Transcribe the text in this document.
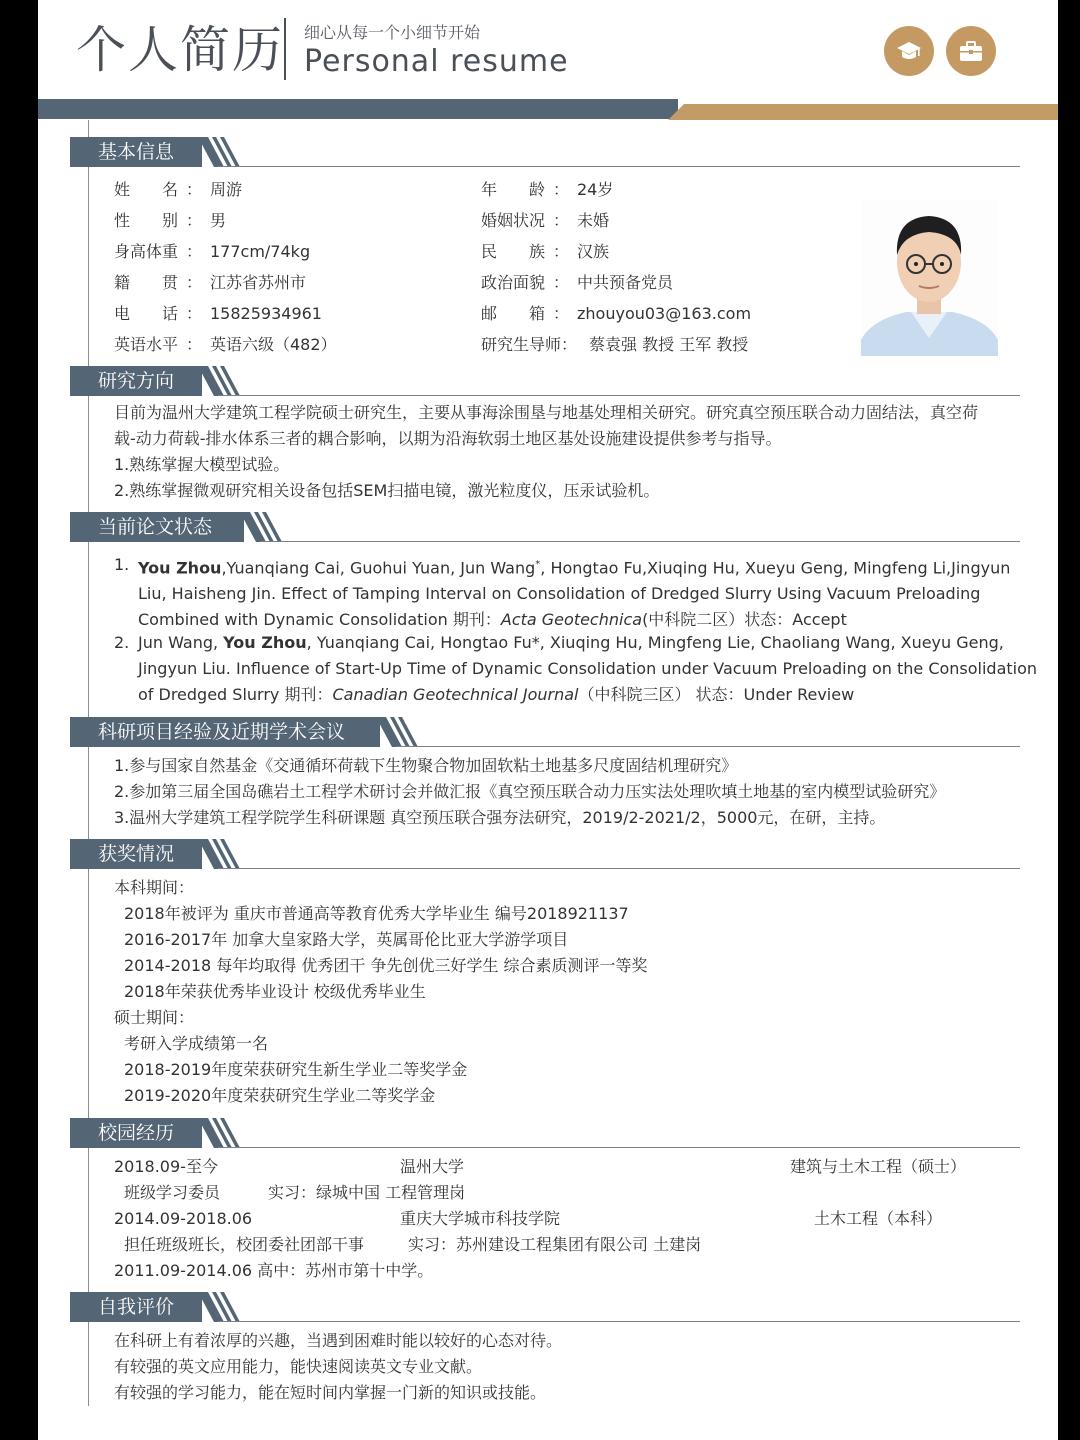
个人简历 细心从每一个小细节开始
Personal resume
基本信息
姓名 ： 周游	年龄 ： 24岁
性别 ： 男	婚姻状况 ： 未婚
身高体重 ： 177cm/74kg	民族 ： 汉族
籍贯 ： 江苏省苏州市	政治面貌 ： 中共预备党员
电话 ： 15825934961	邮箱 ： zhouyou03@163.com
英语水平 ： 英语六级（482）	研究生导师： 蔡袁强 教授 王军 教授
研究方向
目前为温州大学建筑工程学院硕士研究生，主要从事海涂围垦与地基处理相关研究。研究真空预压联合动力固结法，真空荷
载-动力荷载-排水体系三者的耦合影响，以期为沿海软弱土地区基处设施建设提供参考与指导。
1.熟练掌握大模型试验。
2.熟练掌握微观研究相关设备包括SEM扫描电镜，激光粒度仪，压汞试验机。
当前论文状态
1. You Zhou,Yuanqiang Cai, Guohui Yuan, Jun Wang*, Hongtao Fu,Xiuqing Hu, Xueyu Geng, Mingfeng Li,Jingyun Liu, Haisheng Jin. Effect of Tamping Interval on Consolidation of Dredged Slurry Using Vacuum Preloading Combined with Dynamic Consolidation 期刊：Acta Geotechnica(中科院二区）状态：Accept
2. Jun Wang, You Zhou, Yuanqiang Cai, Hongtao Fu*, Xiuqing Hu, Mingfeng Lie, Chaoliang Wang, Xueyu Geng, Jingyun Liu. Influence of Start-Up Time of Dynamic Consolidation under Vacuum Preloading on the Consolidation of Dredged Slurry 期刊：Canadian Geotechnical Journal（中科院三区） 状态：Under Review
科研项目经验及近期学术会议
1.参与国家自然基金《交通循环荷载下生物聚合物加固软粘土地基多尺度固结机理研究》
2.参加第三届全国岛礁岩土工程学术研讨会并做汇报《真空预压联合动力压实法处理吹填土地基的室内模型试验研究》
3.温州大学建筑工程学院学生科研课题 真空预压联合强夯法研究，2019/2-2021/2，5000元，在研，主持。
获奖情况
本科期间：
2018年被评为 重庆市普通高等教育优秀大学毕业生 编号2018921137
2016-2017年 加拿大皇家路大学，英属哥伦比亚大学游学项目
2014-2018 每年均取得 优秀团干 争先创优三好学生 综合素质测评一等奖
2018年荣获优秀毕业设计 校级优秀毕业生
硕士期间：
考研入学成绩第一名
2018-2019年度荣获研究生新生学业二等奖学金
2019-2020年度荣获研究生学业二等奖学金
校园经历
2018.09-至今	温州大学	建筑与土木工程（硕士）
班级学习委员	实习：绿城中国 工程管理岗
2014.09-2018.06	重庆大学城市科技学院	土木工程（本科）
担任班级班长，校团委社团部干事	实习：苏州建设工程集团有限公司 土建岗
2011.09-2014.06 高中：苏州市第十中学。
自我评价
在科研上有着浓厚的兴趣，当遇到困难时能以较好的心态对待。
有较强的英文应用能力，能快速阅读英文专业文献。
有较强的学习能力，能在短时间内掌握一门新的知识或技能。
